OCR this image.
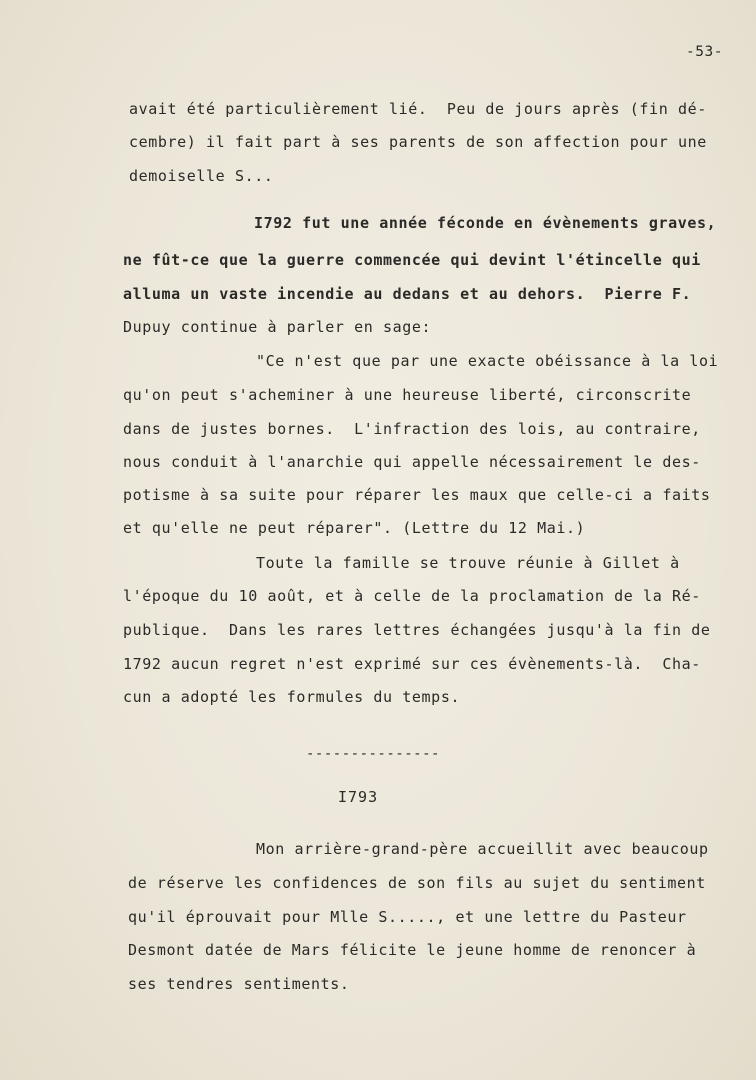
-53-
avait été particulièrement lié.  Peu de jours après (fin dé-
cembre) il fait part à ses parents de son affection pour une
demoiselle S...
I792 fut une année féconde en évènements graves,
ne fût-ce que la guerre commencée qui devint l'étincelle qui
alluma un vaste incendie au dedans et au dehors.  Pierre F.
Dupuy continue à parler en sage:
"Ce n'est que par une exacte obéissance à la loi
qu'on peut s'acheminer à une heureuse liberté, circonscrite
dans de justes bornes.  L'infraction des lois, au contraire,
nous conduit à l'anarchie qui appelle nécessairement le des-
potisme à sa suite pour réparer les maux que celle-ci a faits
et qu'elle ne peut réparer". (Lettre du 12 Mai.)
Toute la famille se trouve réunie à Gillet à
l'époque du 10 août, et à celle de la proclamation de la Ré-
publique.  Dans les rares lettres échangées jusqu'à la fin de
1792 aucun regret n'est exprimé sur ces évènements-là.  Cha-
cun a adopté les formules du temps.
---------------
I793
Mon arrière-grand-père accueillit avec beaucoup
de réserve les confidences de son fils au sujet du sentiment
qu'il éprouvait pour Mlle S....., et une lettre du Pasteur
Desmont datée de Mars félicite le jeune homme de renoncer à
ses tendres sentiments.
